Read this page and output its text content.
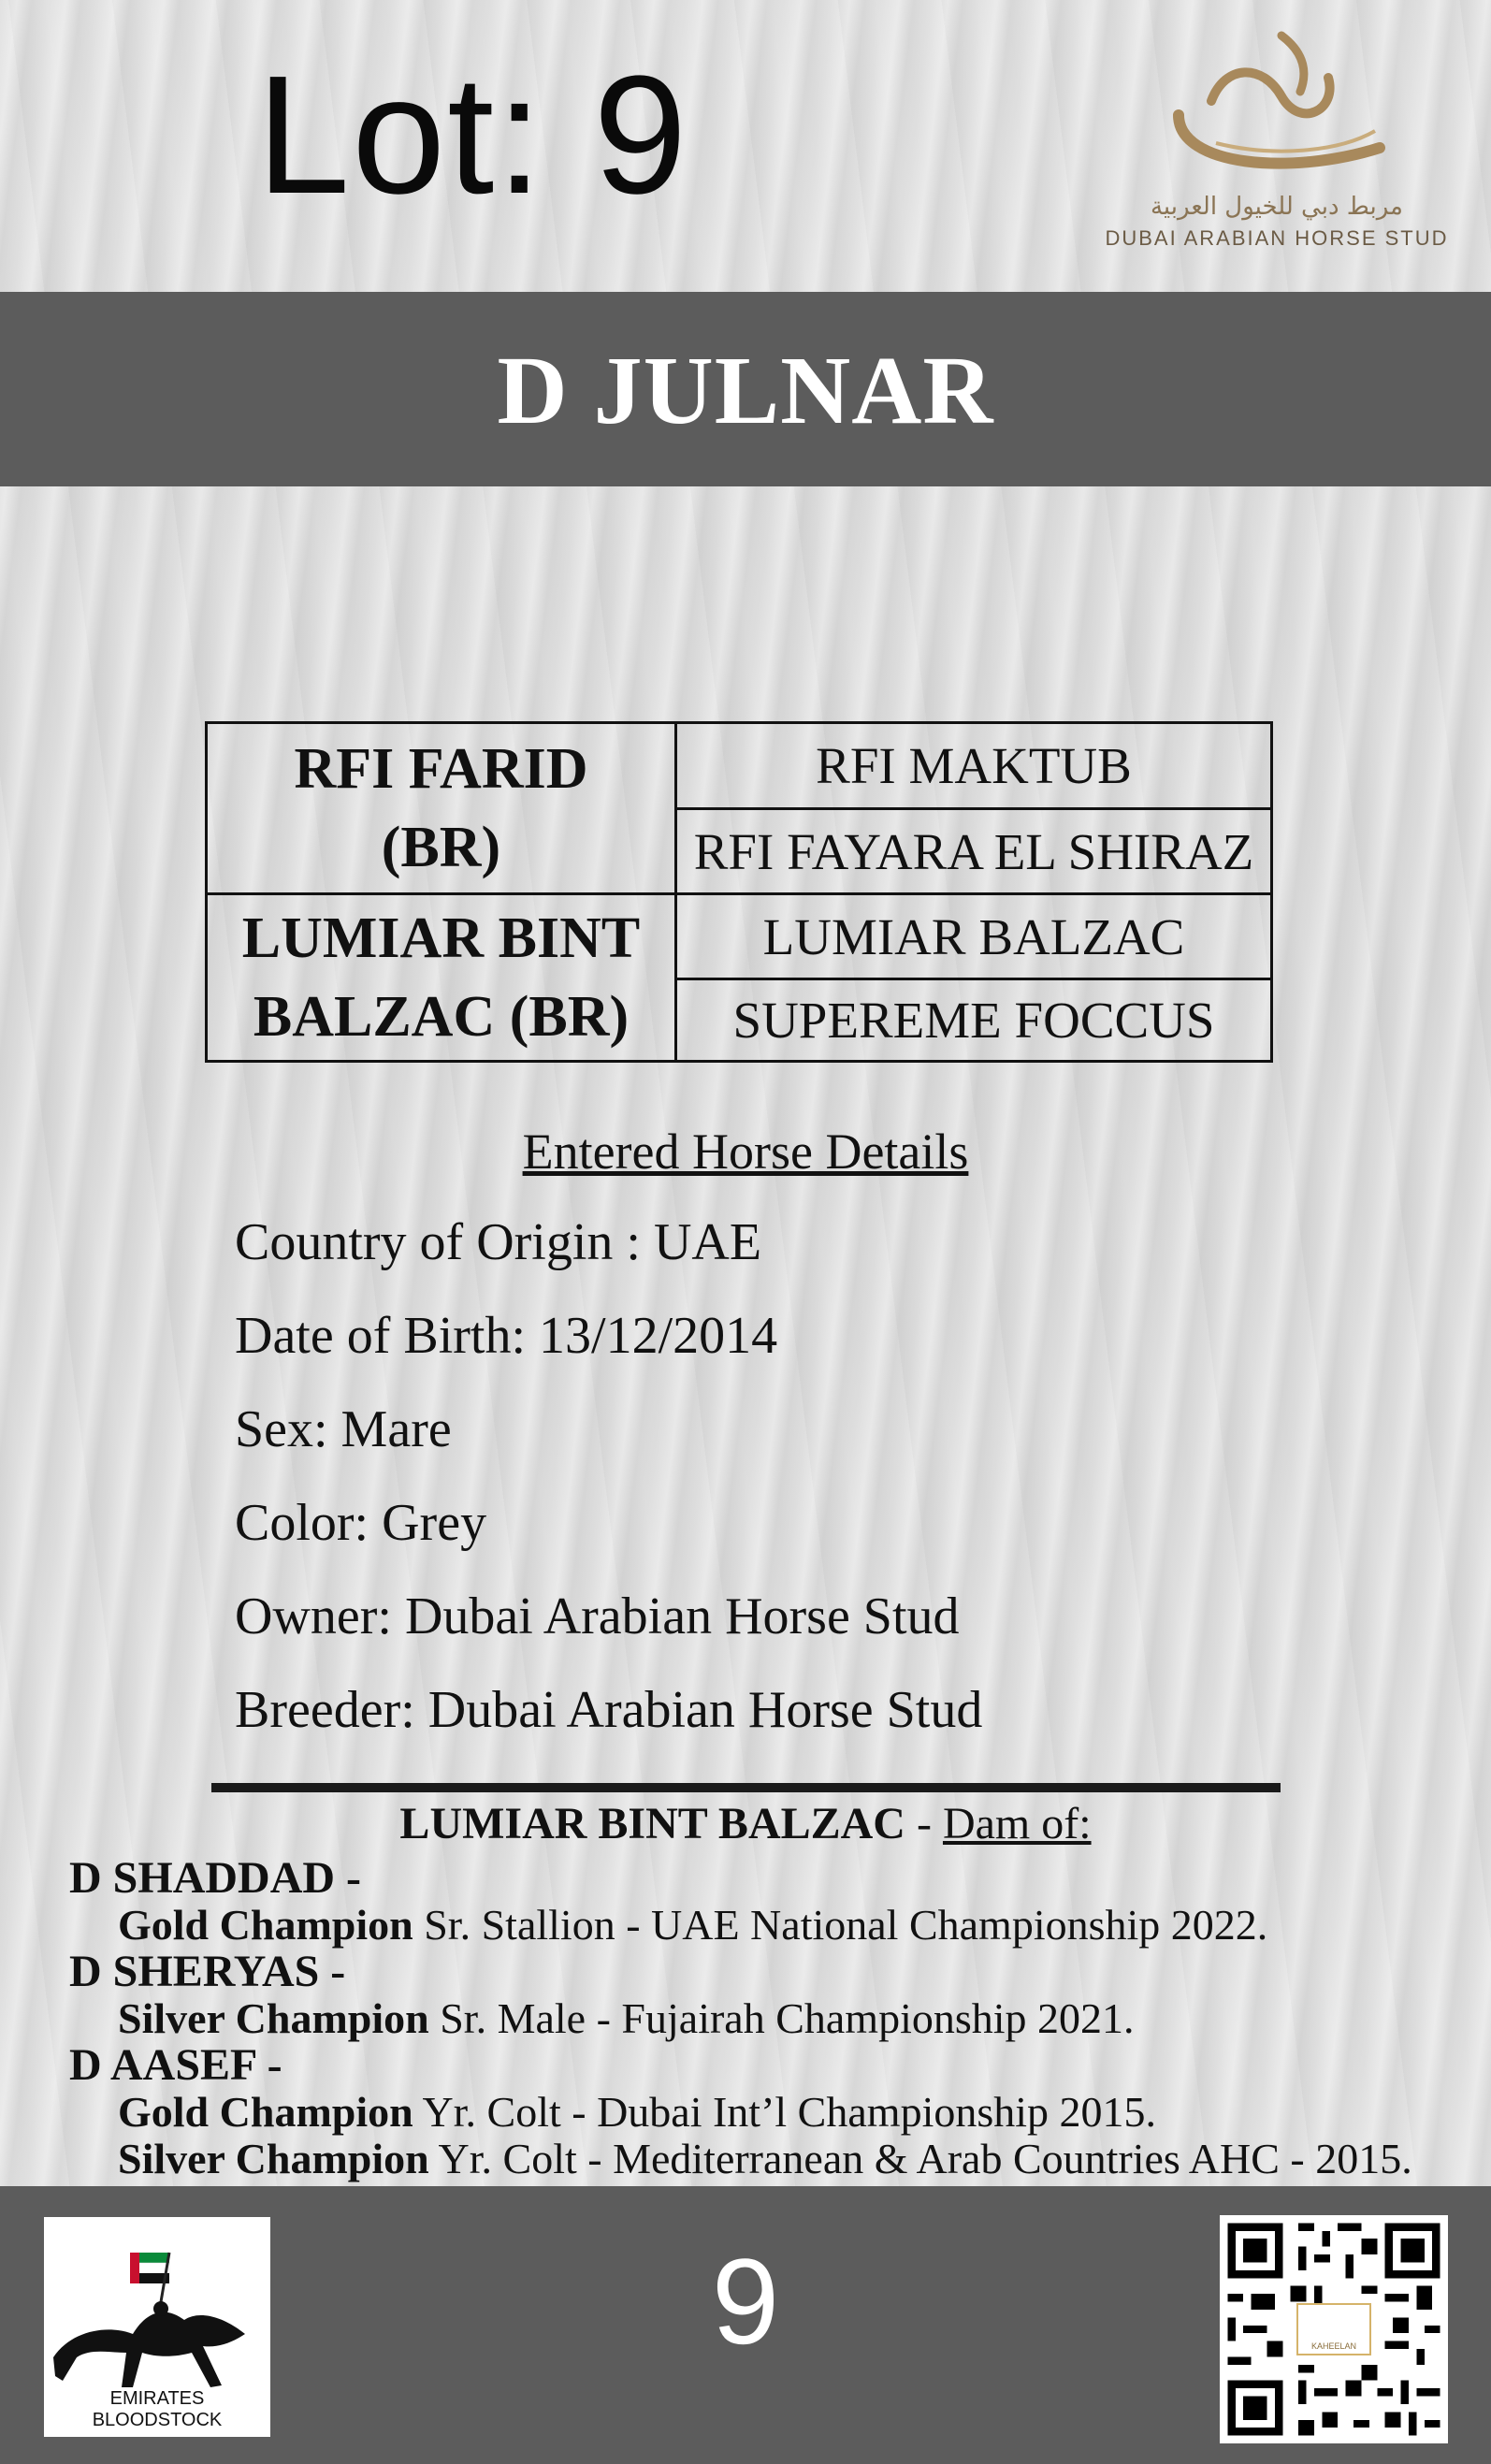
Lot: 9	مربط دبي للخيول العربية
DUBAI ARABIAN HORSE STUD
D JULNAR
RFI FARID
(BR)
LUMIAR BINT
BALZAC (BR)
RFI MAKTUB
RFI FAYARA EL SHIRAZ
LUMIAR BALZAC
SUPEREME FOCCUS
Entered Horse Details
Country of Origin : UAE
Date of Birth: 13/12/2014
Sex: Mare
Color: Grey
Owner: Dubai Arabian Horse Stud
Breeder: Dubai Arabian Horse Stud
LUMIAR BINT BALZAC - Dam of:
D SHADDAD -
Gold Champion Sr. Stallion - UAE National Championship 2022.
D SHERYAS -
Silver Champion Sr. Male - Fujairah Championship 2021.
D AASEF -
Gold Champion Yr. Colt - Dubai Int’l Championship 2015.
Silver Champion Yr. Colt - Mediterranean & Arab Countries AHC - 2015.
EMIRATES BLOODSTOCK
9	KAHEELAN
